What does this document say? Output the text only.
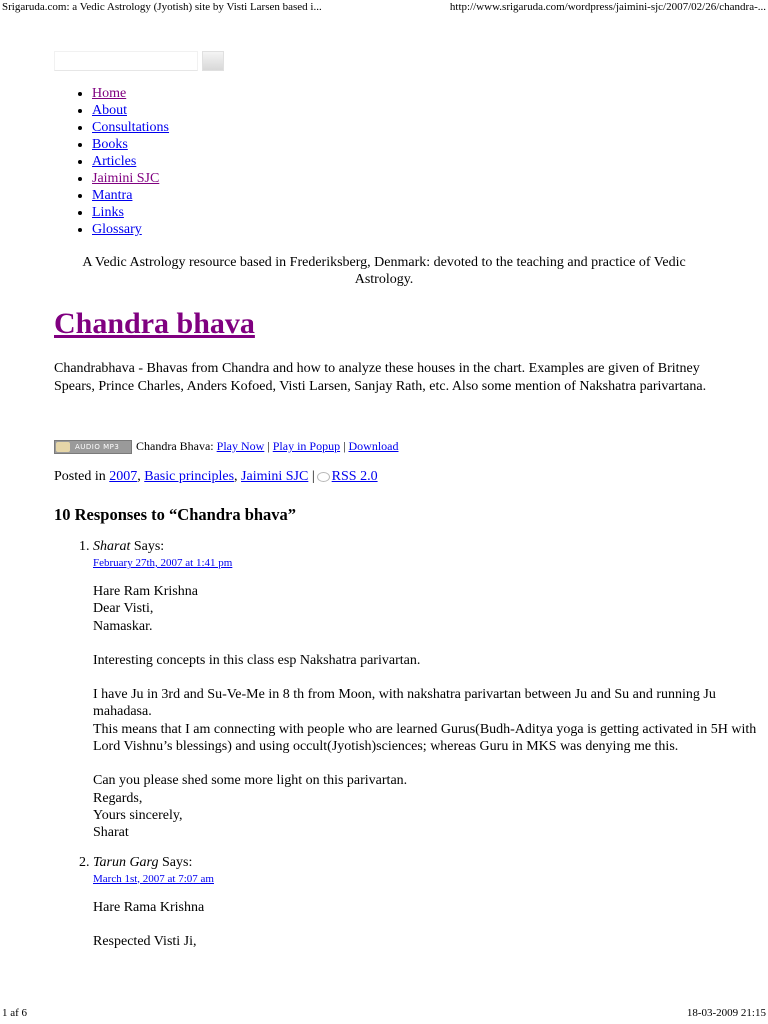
Srigaruda.com: a Vedic Astrology (Jyotish) site by Visti Larsen based i...	http://www.srigaruda.com/wordpress/jaimini-sjc/2007/02/26/chandra-...
• Home
• About
• Consultations
• Books
• Articles
• Jaimini SJC
• Mantra
• Links
• Glossary
A Vedic Astrology resource based in Frederiksberg, Denmark: devoted to the teaching and practice of Vedic Astrology.
Chandra bhava

Chandrabhava - Bhavas from Chandra and how to analyze these houses in the chart. Examples are given of Britney Spears, Prince Charles, Anders Kofoed, Visti Larsen, Sanjay Rath, etc. Also some mention of Nakshatra parivartana.

AUDIO MP3 Chandra Bhava: Play Now | Play in Popup | Download
Posted in 2007, Basic principles, Jaimini SJC | RSS 2.0
10 Responses to “Chandra bhava”
1. Sharat Says:
February 27th, 2007 at 1:41 pm

Hare Ram Krishna

Dear Visti,

Namaskar.

Interesting concepts in this class esp Nakshatra parivartan.

I have Ju in 3rd and Su-Ve-Me in 8 th from Moon, with nakshatra parivartan between Ju and Su and running Ju mahadasa.

This means that I am connecting with people who are learned Gurus(Budh-Aditya yoga is getting activated in 5H with Lord Vishnu’s blessings) and using occult(Jyotish)sciences; whereas Guru in MKS was denying me this.

Can you please shed some more light on this parivartan.

Regards,

Yours sincerely,

Sharat

2. Tarun Garg Says:
March 1st, 2007 at 7:07 am

Hare Rama Krishna

Respected Visti Ji,

1 af 6	18-03-2009 21:15
